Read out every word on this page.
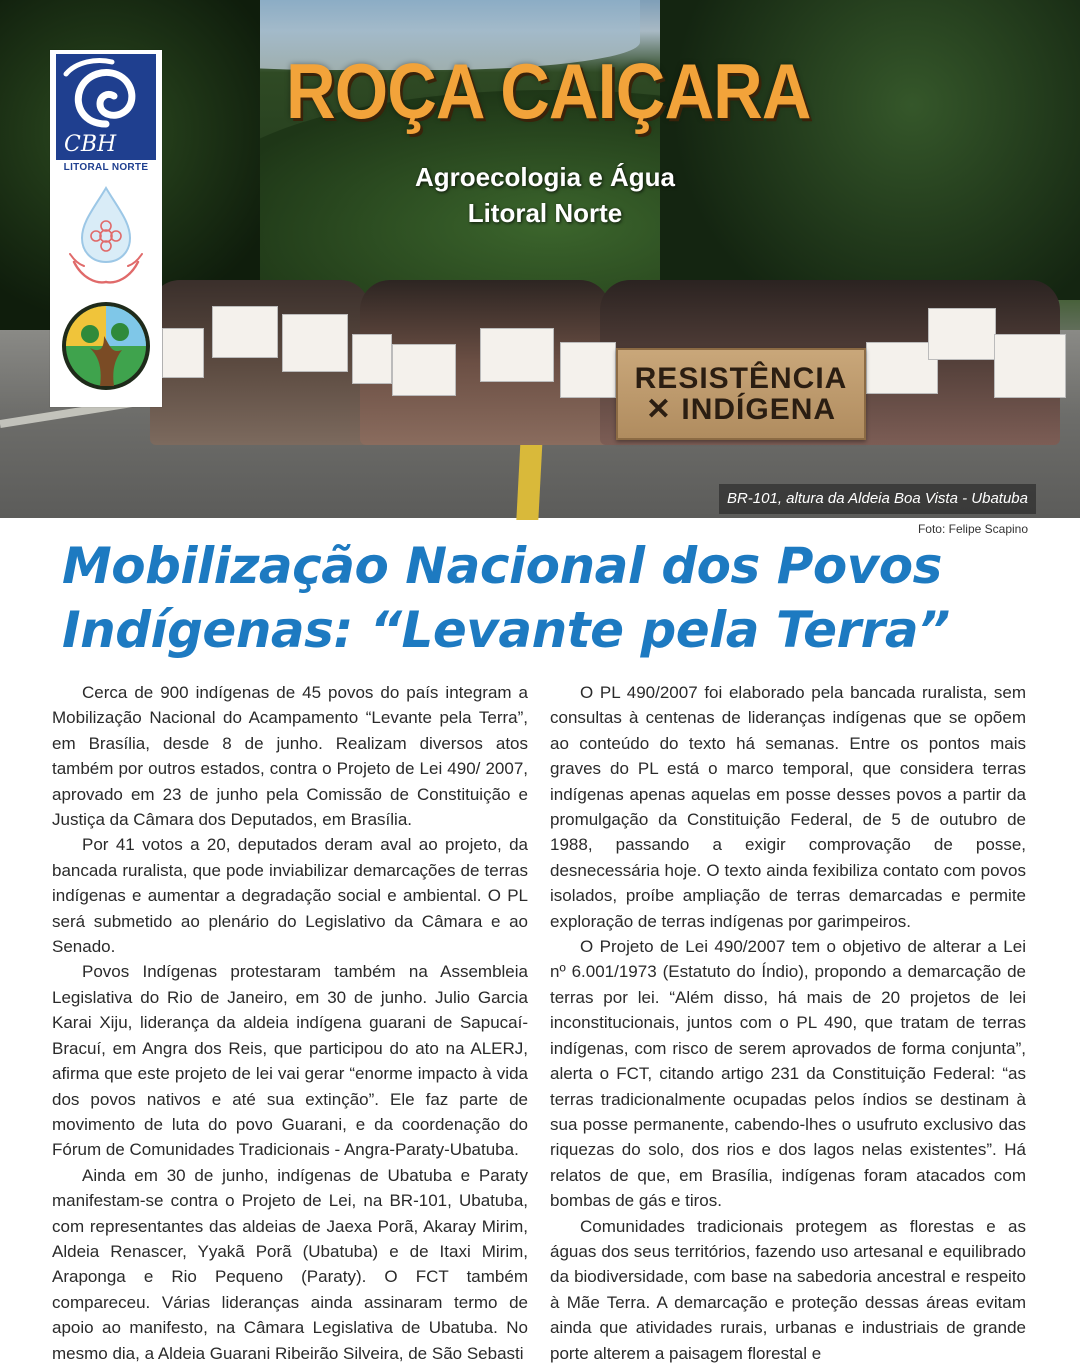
RESISTÊNCIA
✕ INDÍGENA
ROÇA CAIÇARA
Agroecologia e Água
Litoral Norte
BR-101, altura da Aldeia Boa Vista - Ubatuba
CBH
LITORAL NORTE
Foto: Felipe Scapino
Mobilização Nacional dos Povos
Indígenas: “Levante pela Terra”

Cerca de 900 indígenas de 45 povos do país integram a Mobilização Nacional do Acampamento “Levante pela Terra”, em Brasília, desde 8 de junho. Realizam diversos atos também por outros estados, contra o Projeto de Lei 490/ 2007, aprovado em 23 de junho pela Comissão de Constituição e Justiça da Câmara dos Deputados, em Brasília.

Por 41 votos a 20, deputados deram aval ao projeto, da bancada ruralista, que pode inviabilizar demarcações de terras indígenas e aumentar a degradação social e ambiental. O PL será submetido ao plenário do Legislativo da Câmara e ao Senado.

Povos Indígenas protestaram também na Assembleia Legislativa do Rio de Janeiro, em 30 de junho. Julio Garcia Karai Xiju, liderança da aldeia indígena guarani de Sapucaí-Bracuí, em Angra dos Reis, que participou do ato na ALERJ, afirma que este projeto de lei vai gerar “enorme impacto à vida dos povos nativos e até sua extinção”. Ele faz parte de movimento de luta do povo Guarani, e da coordenação do Fórum de Comunidades Tradicionais - Angra-Paraty-Ubatuba.

Ainda em 30 de junho, indígenas de Ubatuba e Paraty manifestam-se contra o Projeto de Lei, na BR-101, Ubatuba, com representantes das aldeias de Jaexa Porã, Akaray Mirim, Aldeia Renascer, Yyakã Porã (Ubatuba) e de Itaxi Mirim, Araponga e Rio Pequeno (Paraty). O FCT também compareceu. Várias lideranças ainda assinaram termo de apoio ao manifesto, na Câmara Legislativa de Ubatuba. No mesmo dia, a Aldeia Guarani Ribeirão Silveira, de São Sebasti

O PL 490/2007 foi elaborado pela bancada ruralista, sem consultas à centenas de lideranças indígenas que se opõem ao conteúdo do texto há semanas. Entre os pontos mais graves do PL está o marco temporal, que considera terras indígenas apenas aquelas em posse desses povos a partir da promulgação da Constituição Federal, de 5 de outubro de 1988, passando a exigir comprovação de posse, desnecessária hoje. O texto ainda fexibiliza contato com povos isolados, proíbe ampliação de terras demarcadas e permite exploração de terras indígenas por garimpeiros.

O Projeto de Lei 490/2007 tem o objetivo de alterar a Lei nº 6.001/1973 (Estatuto do Índio), propondo a demarcação de terras por lei. “Além disso, há mais de 20 projetos de lei inconstitucionais, juntos com o PL 490, que tratam de terras indígenas, com risco de serem aprovados de forma conjunta”, alerta o FCT, citando artigo 231 da Constituição Federal: “as terras tradicionalmente ocupadas pelos índios se destinam à sua posse permanente, cabendo-lhes o usufruto exclusivo das riquezas do solo, dos rios e dos lagos nelas existentes”. Há relatos de que, em Brasília, indígenas foram atacados com bombas de gás e tiros.

Comunidades tradicionais protegem as florestas e as águas dos seus territórios, fazendo uso artesanal e equilibrado da biodiversidade, com base na sabedoria ancestral e respeito à Mãe Terra. A demarcação e proteção dessas áreas evitam ainda que atividades rurais, urbanas e industriais de grande porte alterem a paisagem florestal e
